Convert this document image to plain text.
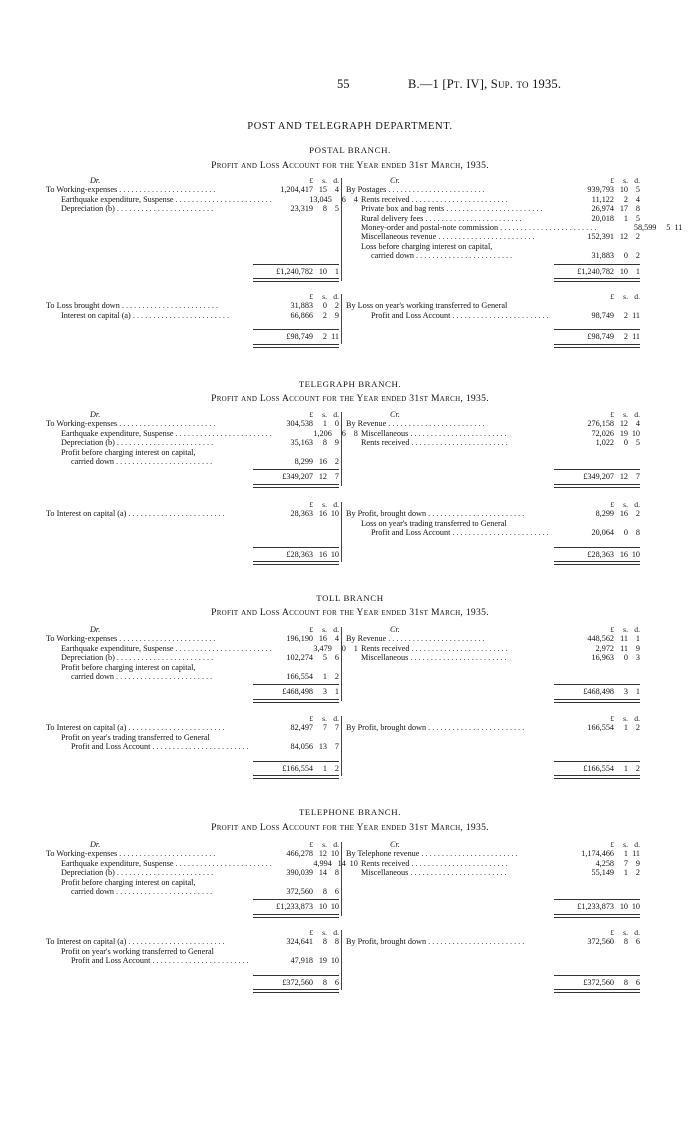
55	B.—1 [Pt. IV], Sup. to 1935.
POST AND TELEGRAPH DEPARTMENT.
POSTAL BRANCH.
Profit and Loss Account for the Year ended 31st March, 1935.
Dr.	£	s. d.
To Working-expenses . . . . . . . . . . . . . . . . . . . . . . . .	1,204,417 15 4
Earthquake expenditure, Suspense . . . . . . . . . . . . . . . . . . . . . . . .	13,045	6 4
Depreciation (b) . . . . . . . . . . . . . . . . . . . . . . . .	23,319	8 5
£1,240,782 10 1
Cr.	£	s. d.
By Postages . . . . . . . . . . . . . . . . . . . . . . . .	939,793 10 5
Rents received . . . . . . . . . . . . . . . . . . . . . . . .	11,122	2 4
Private box and bag rents . . . . . . . . . . . . . . . . . . . . . . . .	26,974 17 8
Rural delivery fees . . . . . . . . . . . . . . . . . . . . . . . .	20,018	1 5
Money-order and postal-note commission . . . . . . . . . . . . . . . . . . . . . . . .	58,599	5 11
Miscellaneous revenue . . . . . . . . . . . . . . . . . . . . . . . .	152,391 12 2
Loss before charging interest on capital,
carried down . . . . . . . . . . . . . . . . . . . . . . . .	31,883	0 2
£1,240,782 10 1
£	s. d.
To Loss brought down . . . . . . . . . . . . . . . . . . . . . . . .	31,883	0 2
Interest on capital (a) . . . . . . . . . . . . . . . . . . . . . . . .	66,866	2 9
£98,749	2 11
£	s. d.
By Loss on year's working transferred to General
Profit and Loss Account . . . . . . . . . . . . . . . . . . . . . . . .	98,749	2 11
£98,749	2 11
TELEGRAPH BRANCH.
Profit and Loss Account for the Year ended 31st March, 1935.
Dr.	£	s. d.
To Working-expenses . . . . . . . . . . . . . . . . . . . . . . . .	304,538	1 0
Earthquake expenditure, Suspense . . . . . . . . . . . . . . . . . . . . . . . .	1,206	6 8
Depreciation (b) . . . . . . . . . . . . . . . . . . . . . . . .	35,163	8 9
Profit before charging interest on capital,
carried down . . . . . . . . . . . . . . . . . . . . . . . .	8,299 16 2
£349,207 12 7
Cr.	£	s. d.
By Revenue . . . . . . . . . . . . . . . . . . . . . . . .	276,158 12 4
Miscellaneous . . . . . . . . . . . . . . . . . . . . . . . .	72,026 19 10
Rents received . . . . . . . . . . . . . . . . . . . . . . . .	1,022	0 5
£349,207 12 7
£	s. d.
To Interest on capital (a) . . . . . . . . . . . . . . . . . . . . . . . .	28,363 16 10
£28,363 16 10
£	s. d.
By Profit, brought down . . . . . . . . . . . . . . . . . . . . . . . .	8,299 16 2
Loss on year's trading transferred to General
Profit and Loss Account . . . . . . . . . . . . . . . . . . . . . . . .	20,064	0 8
£28,363 16 10
TOLL BRANCH
Profit and Loss Account for the Year ended 31st March, 1935.
Dr.	£	s. d.
To Working-expenses . . . . . . . . . . . . . . . . . . . . . . . .	196,190 16 4
Earthquake expenditure, Suspense . . . . . . . . . . . . . . . . . . . . . . . .	3,479	0 1
Depreciation (b) . . . . . . . . . . . . . . . . . . . . . . . .	102,274	5 6
Profit before charging interest on capital,
carried down . . . . . . . . . . . . . . . . . . . . . . . .	166,554	1 2
£468,498	3 1
Cr.	£	s. d.
By Revenue . . . . . . . . . . . . . . . . . . . . . . . .	448,562 11 1
Rents received . . . . . . . . . . . . . . . . . . . . . . . .	2,972 11 9
Miscellaneous . . . . . . . . . . . . . . . . . . . . . . . .	16,963	0 3
£468,498	3 1
£	s. d.
To Interest on capital (a) . . . . . . . . . . . . . . . . . . . . . . . .	82,497	7 7
Profit on year's trading transferred to General
Profit and Loss Account . . . . . . . . . . . . . . . . . . . . . . . .	84,056 13 7
£166,554	1 2
£	s. d.
By Profit, brought down . . . . . . . . . . . . . . . . . . . . . . . .	166,554	1 2
£166,554	1 2
TELEPHONE BRANCH.
Profit and Loss Account for the Year ended 31st March, 1935.
Dr.	£	s. d.
To Working-expenses . . . . . . . . . . . . . . . . . . . . . . . .	466,278 12 10
Earthquake expenditure, Suspense . . . . . . . . . . . . . . . . . . . . . . . .	4,994 14 10
Depreciation (b) . . . . . . . . . . . . . . . . . . . . . . . .	390,039 14 8
Profit before charging interest on capital,
carried down . . . . . . . . . . . . . . . . . . . . . . . .	372,560	8 6
£1,233,873 10 10
Cr.	£	s. d.
By Telephone revenue . . . . . . . . . . . . . . . . . . . . . . . .	1,174,466	1 11
Rents received . . . . . . . . . . . . . . . . . . . . . . . .	4,258	7 9
Miscellaneous . . . . . . . . . . . . . . . . . . . . . . . .	55,149	1 2
£1,233,873 10 10
£	s. d.
To Interest on capital (a) . . . . . . . . . . . . . . . . . . . . . . . .	324,641	8 8
Profit on year's working transferred to General
Profit and Loss Account . . . . . . . . . . . . . . . . . . . . . . . .	47,918 19 10
£372,560	8 6
£	s. d.
By Profit, brought down . . . . . . . . . . . . . . . . . . . . . . . .	372,560	8 6
£372,560	8 6
